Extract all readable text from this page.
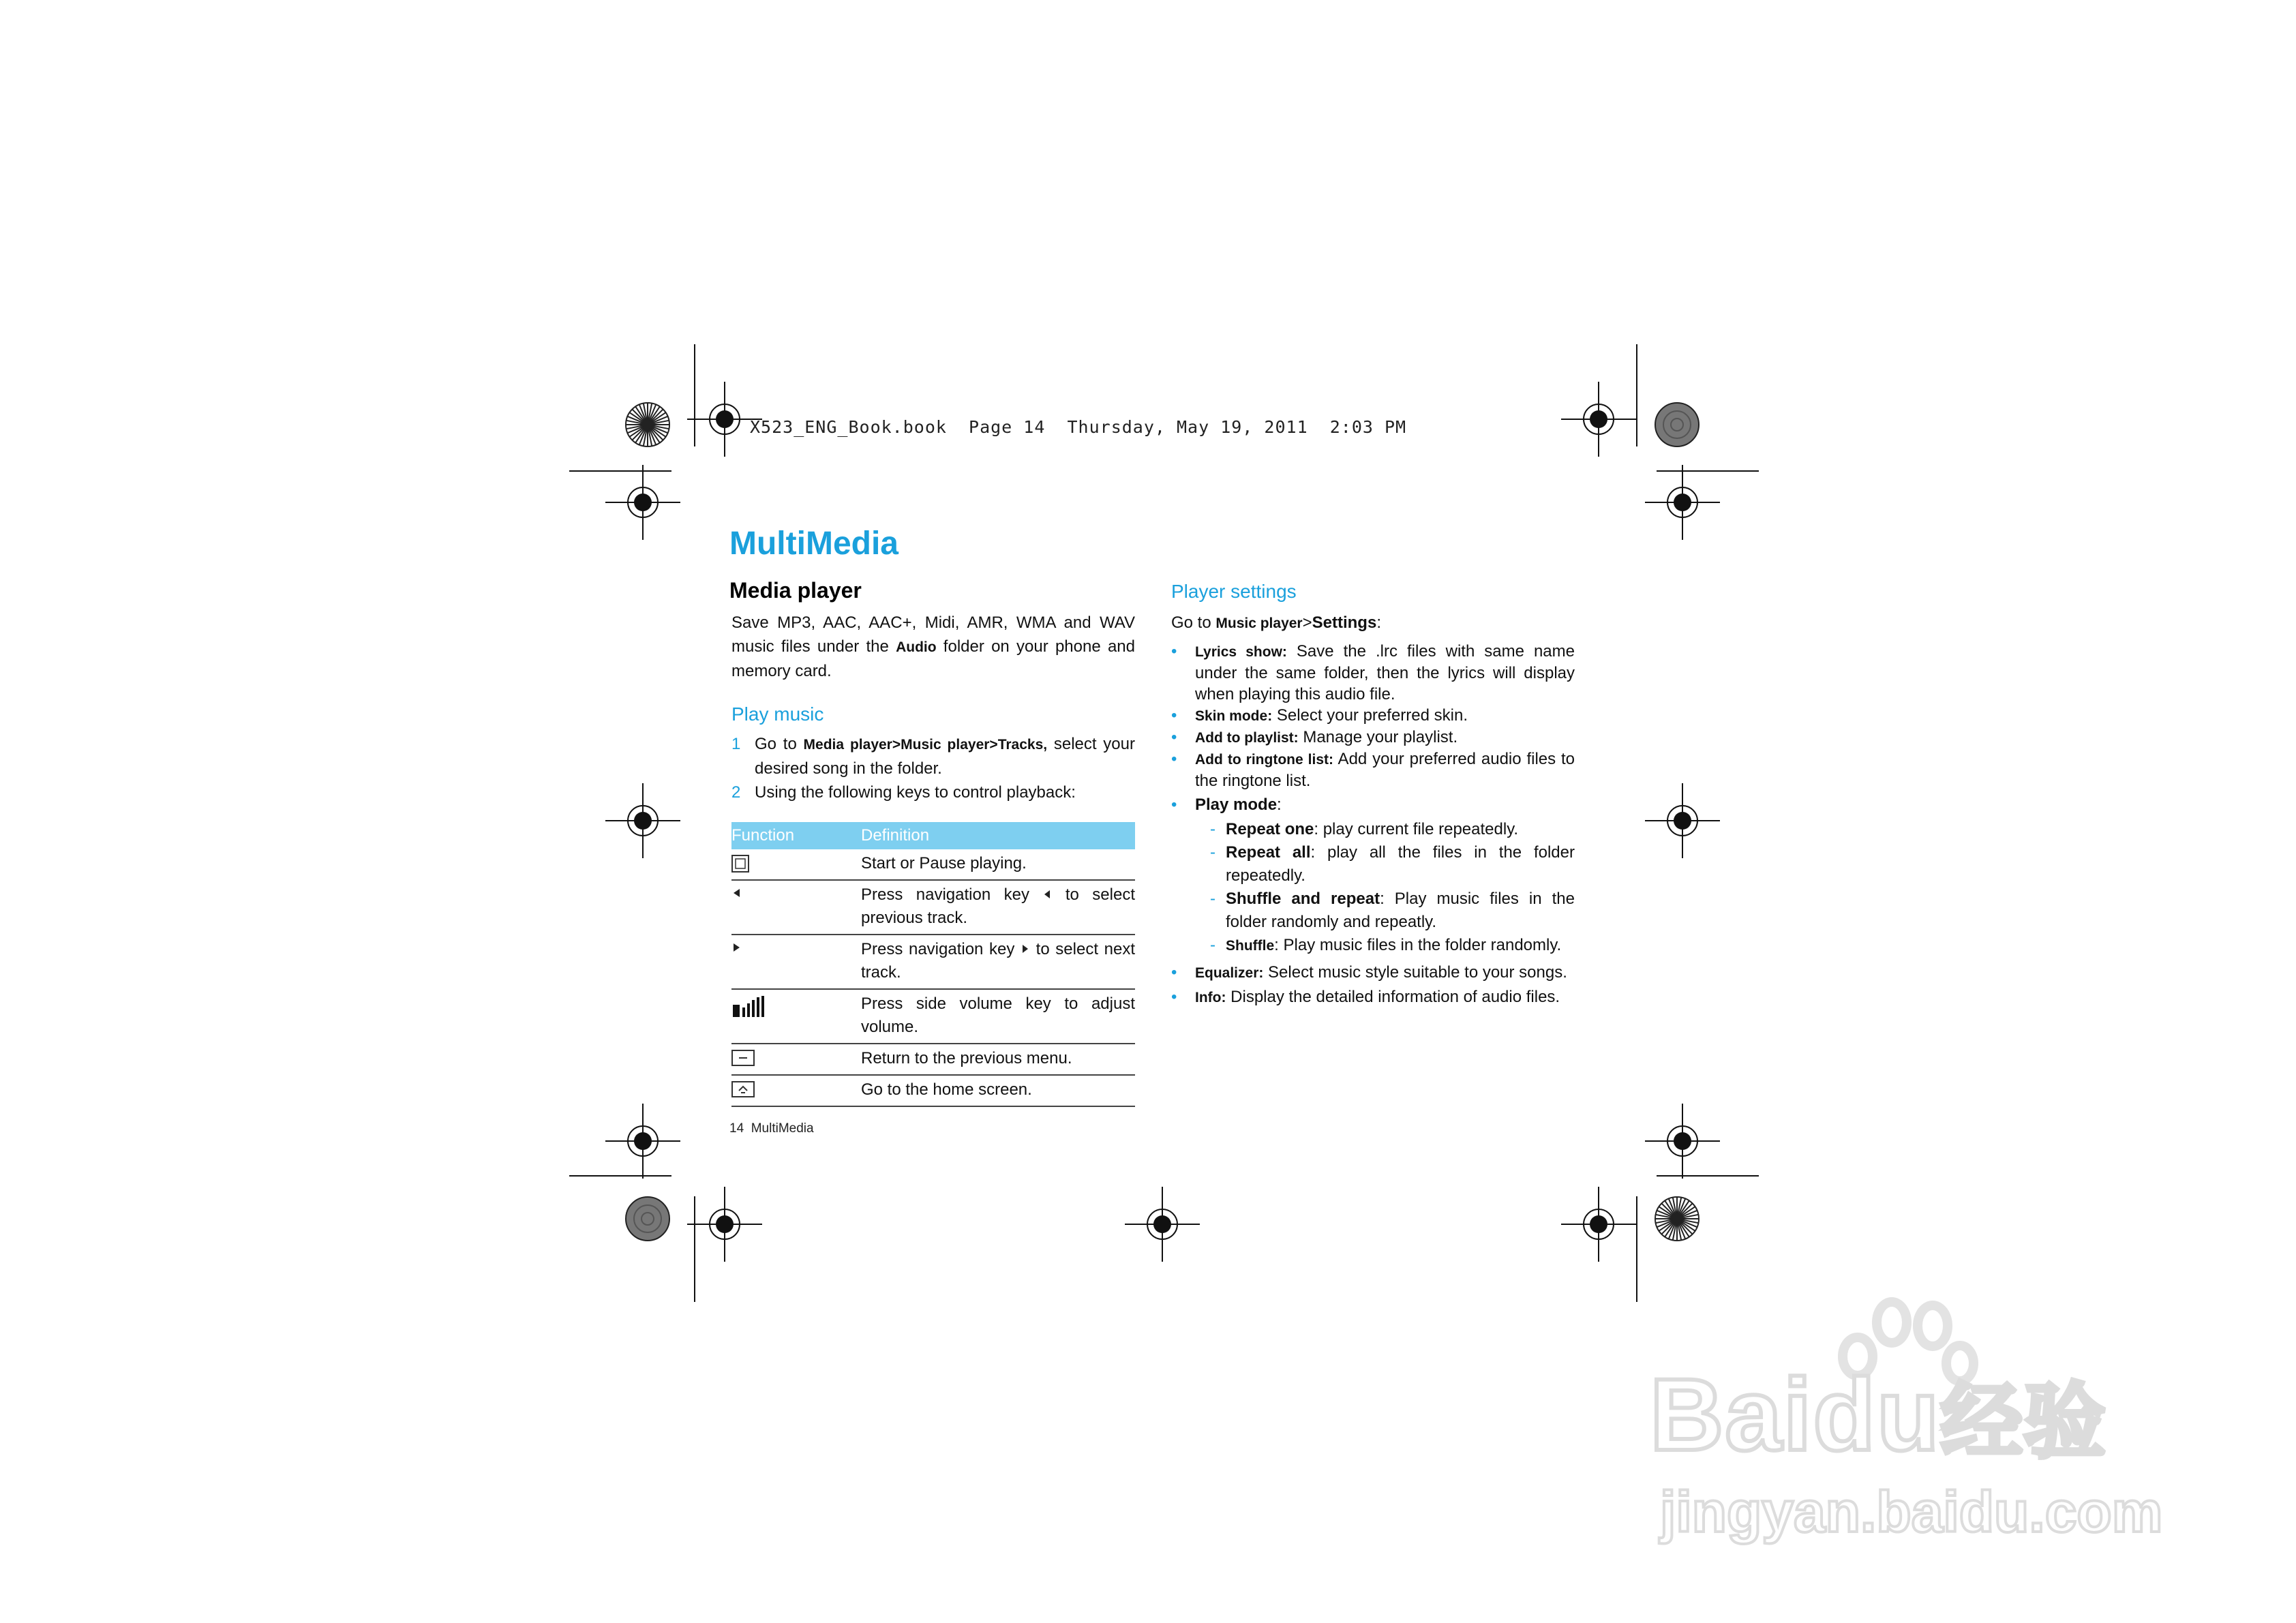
X523_ENG_Book.book  Page 14  Thursday, May 19, 2011  2:03 PM
MultiMedia
Media player
Save MP3, AAC, AAC+, Midi, AMR, WMA and WAV music files under the Audio folder on your phone and memory card.
Play music
1 Go to Media player>Music player>Tracks, select your desired song in the folder.
2 Using the following keys to control playback:
Function	Definition
	Start or Pause playing.
	Press navigation key  to select previous track.
	Press navigation key  to select next track.
	Press side volume key to adjust volume.
	Return to the previous menu.
	Go to the home screen.
14 MultiMedia
Player settings
Go to Music player>Settings:
• Lyrics show: Save the .lrc files with same name under the same folder, then the lyrics will display when playing this audio file.
• Skin mode: Select your preferred skin.
• Add to playlist: Manage your playlist.
• Add to ringtone list: Add your preferred audio files to the ringtone list.
• Play mode:
- Repeat one: play current file repeatedly.
- Repeat all: play all the files in the folder repeatedly.
- Shuffle and repeat: Play music files in the folder randomly and repeatly.
- Shuffle: Play music files in the folder randomly.
• Equalizer: Select music style suitable to your songs.
• Info: Display the detailed information of audio files.
Baidu经验
jingyan.baidu.com
